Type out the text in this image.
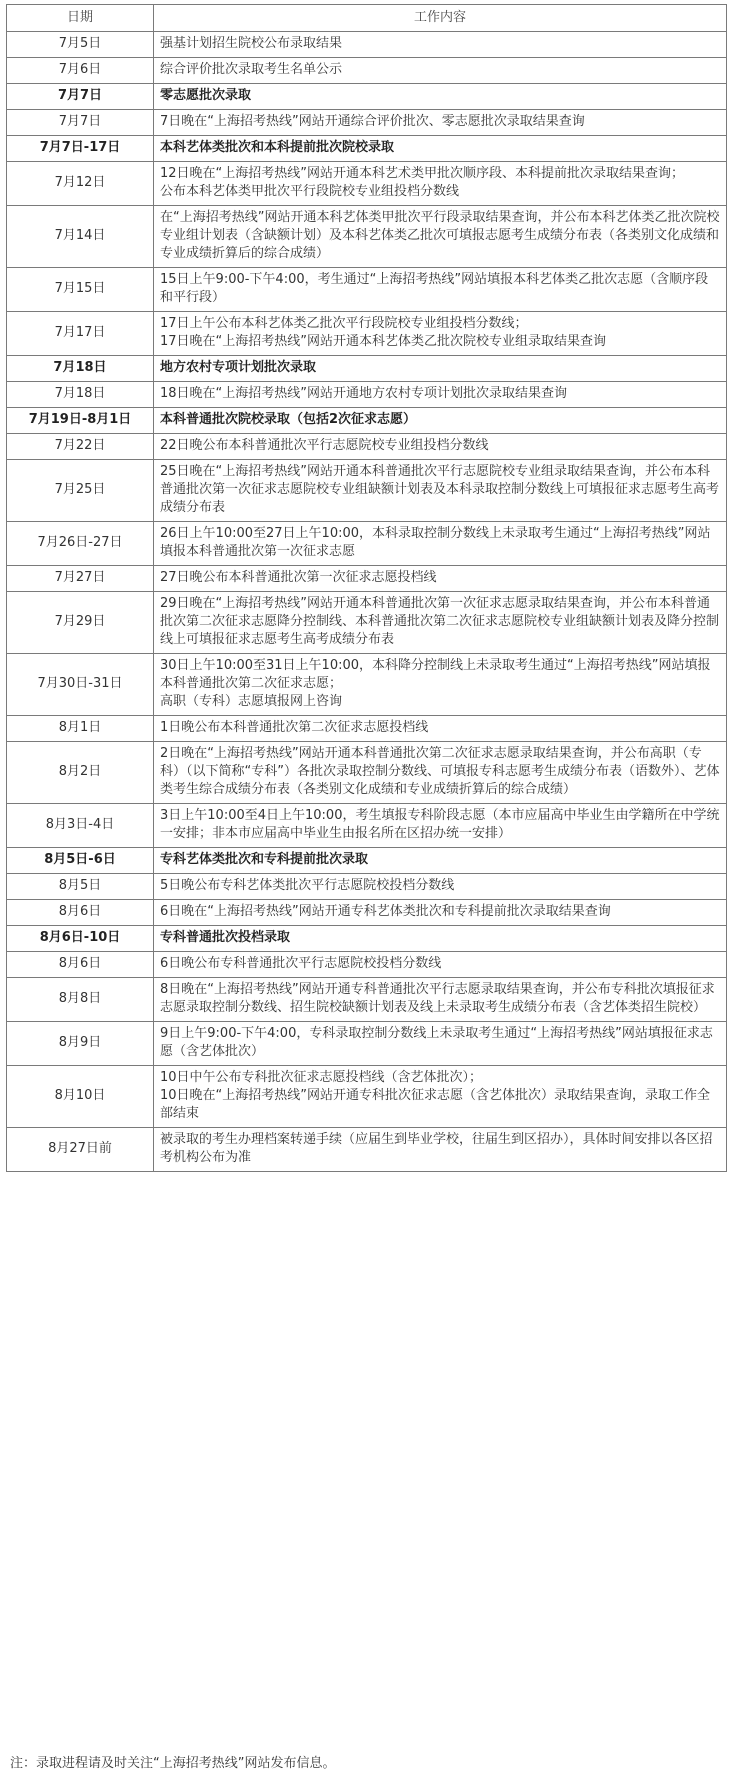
日期	工作内容
7月5日	强基计划招生院校公布录取结果

7月6日	综合评价批次录取考生名单公示

7月7日	零志愿批次录取

7月7日	7日晚在“上海招考热线”网站开通综合评价批次、零志愿批次录取结果查询

7月7日-17日	本科艺体类批次和本科提前批次院校录取

7月12日	12日晚在“上海招考热线”网站开通本科艺术类甲批次顺序段、本科提前批次录取结果查询；
公布本科艺体类甲批次平行段院校专业组投档分数线

7月14日	在“上海招考热线”网站开通本科艺体类甲批次平行段录取结果查询，并公布本科艺体类乙批次院校专业组计划表（含缺额计划）及本科艺体类乙批次可填报志愿考生成绩分布表（各类别文化成绩和专业成绩折算后的综合成绩）

7月15日	15日上午9:00-下午4:00，考生通过“上海招考热线”网站填报本科艺体类乙批次志愿（含顺序段和平行段）

7月17日	17日上午公布本科艺体类乙批次平行段院校专业组投档分数线；
17日晚在“上海招考热线”网站开通本科艺体类乙批次院校专业组录取结果查询

7月18日	地方农村专项计划批次录取

7月18日	18日晚在“上海招考热线”网站开通地方农村专项计划批次录取结果查询

7月19日-8月1日	本科普通批次院校录取（包括2次征求志愿）

7月22日	22日晚公布本科普通批次平行志愿院校专业组投档分数线

7月25日	25日晚在“上海招考热线”网站开通本科普通批次平行志愿院校专业组录取结果查询，并公布本科普通批次第一次征求志愿院校专业组缺额计划表及本科录取控制分数线上可填报征求志愿考生高考成绩分布表

7月26日-27日	26日上午10:00至27日上午10:00，本科录取控制分数线上未录取考生通过“上海招考热线”网站填报本科普通批次第一次征求志愿

7月27日	27日晚公布本科普通批次第一次征求志愿投档线

7月29日	29日晚在“上海招考热线”网站开通本科普通批次第一次征求志愿录取结果查询，并公布本科普通批次第二次征求志愿降分控制线、本科普通批次第二次征求志愿院校专业组缺额计划表及降分控制线上可填报征求志愿考生高考成绩分布表

7月30日-31日	30日上午10:00至31日上午10:00，本科降分控制线上未录取考生通过“上海招考热线”网站填报本科普通批次第二次征求志愿；
高职（专科）志愿填报网上咨询

8月1日	1日晚公布本科普通批次第二次征求志愿投档线

8月2日	2日晚在“上海招考热线”网站开通本科普通批次第二次征求志愿录取结果查询，并公布高职（专科）（以下简称“专科”）各批次录取控制分数线、可填报专科志愿考生成绩分布表（语数外）、艺体类考生综合成绩分布表（各类别文化成绩和专业成绩折算后的综合成绩）

8月3日-4日	3日上午10:00至4日上午10:00，考生填报专科阶段志愿（本市应届高中毕业生由学籍所在中学统一安排；非本市应届高中毕业生由报名所在区招办统一安排）

8月5日-6日	专科艺体类批次和专科提前批次录取

8月5日	5日晚公布专科艺体类批次平行志愿院校投档分数线

8月6日	6日晚在“上海招考热线”网站开通专科艺体类批次和专科提前批次录取结果查询

8月6日-10日	专科普通批次投档录取

8月6日	6日晚公布专科普通批次平行志愿院校投档分数线

8月8日	8日晚在“上海招考热线”网站开通专科普通批次平行志愿录取结果查询，并公布专科批次填报征求志愿录取控制分数线、招生院校缺额计划表及线上未录取考生成绩分布表（含艺体类招生院校）

8月9日	9日上午9:00-下午4:00，专科录取控制分数线上未录取考生通过“上海招考热线”网站填报征求志愿（含艺体批次）

8月10日	10日中午公布专科批次征求志愿投档线（含艺体批次）；
10日晚在“上海招考热线”网站开通专科批次征求志愿（含艺体批次）录取结果查询，录取工作全部结束

8月27日前	被录取的考生办理档案转递手续（应届生到毕业学校，往届生到区招办），具体时间安排以各区招考机构公布为准
注：录取进程请及时关注“上海招考热线”网站发布信息。
